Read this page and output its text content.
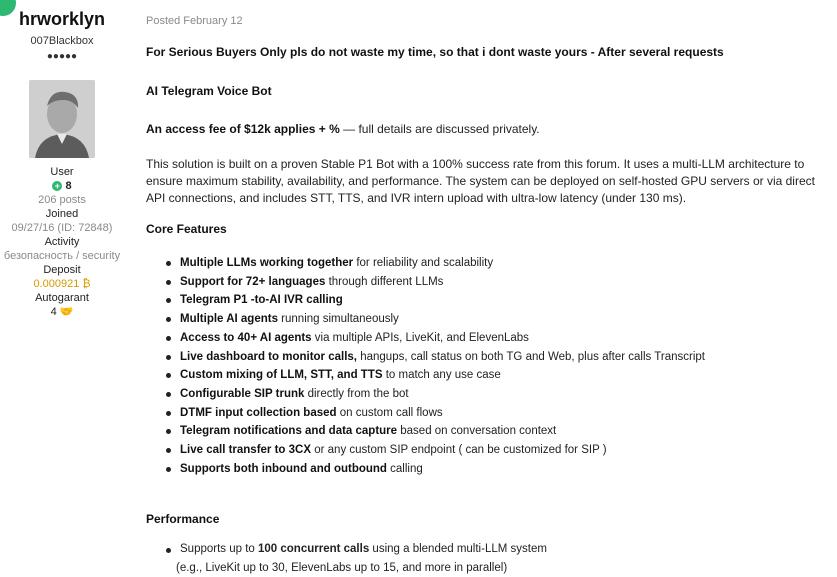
hrworklyn
007Blackbox
●●●●●
User
+ 8
206 posts
Joined
09/27/16 (ID: 72848)
Activity
безопасность / security
Deposit
0.000921 ₿
Autogarant
4 🤝
Posted February 12
For Serious Buyers Only pls do not waste my time, so that i dont waste yours - After several requests
AI Telegram Voice Bot
An access fee of $12k applies + % — full details are discussed privately.
This solution is built on a proven Stable P1 Bot with a 100% success rate from this forum. It uses a multi-LLM architecture to ensure maximum stability, availability, and performance. The system can be deployed on self-hosted GPU servers or via direct API connections, and includes STT, TTS, and IVR intern upload with ultra-low latency (under 130 ms).
Core Features
Multiple LLMs working together for reliability and scalability
Support for 72+ languages through different LLMs
Telegram P1 -to-AI IVR calling
Multiple AI agents running simultaneously
Access to 40+ AI agents via multiple APIs, LiveKit, and ElevenLabs
Live dashboard to monitor calls, hangups, call status on both TG and Web, plus after calls Transcript
Custom mixing of LLM, STT, and TTS to match any use case
Configurable SIP trunk directly from the bot
DTMF input collection based on custom call flows
Telegram notifications and data capture based on conversation context
Live call transfer to 3CX or any custom SIP endpoint ( can be customized for SIP )
Supports both inbound and outbound calling
Performance
Supports up to 100 concurrent calls using a blended multi-LLM system
(e.g., LiveKit up to 30, ElevenLabs up to 15, and more in parallel)
